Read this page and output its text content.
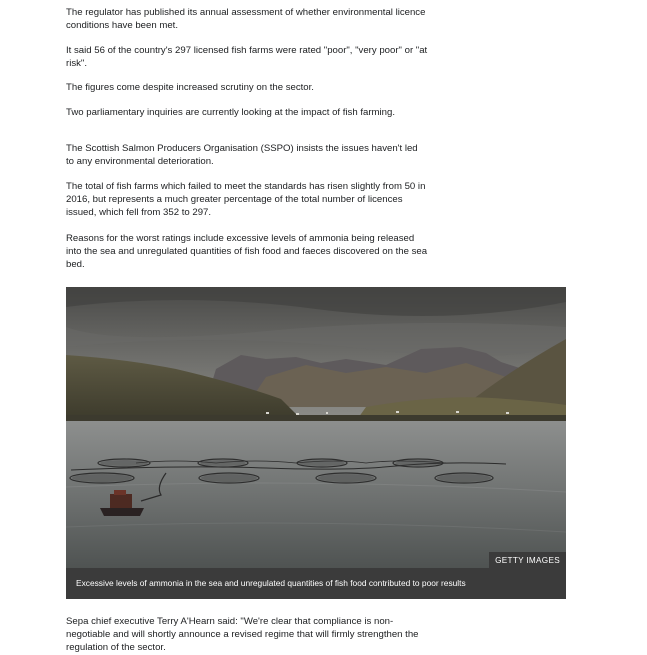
The regulator has published its annual assessment of whether environmental licence conditions have been met.

It said 56 of the country's 297 licensed fish farms were rated "poor", "very poor" or "at risk".

The figures come despite increased scrutiny on the sector.

Two parliamentary inquiries are currently looking at the impact of fish farming.

The Scottish Salmon Producers Organisation (SSPO) insists the issues haven't led to any environmental deterioration.

The total of fish farms which failed to meet the standards has risen slightly from 50 in 2016, but represents a much greater percentage of the total number of licences issued, which fell from 352 to 297.

Reasons for the worst ratings include excessive levels of ammonia being released into the sea and unregulated quantities of fish food and faeces discovered on the sea bed.

GETTY IMAGES
Excessive levels of ammonia in the sea and unregulated quantities of fish food contributed to poor results

Sepa chief executive Terry A'Hearn said: "We're clear that compliance is non-negotiable and will shortly announce a revised regime that will firmly strengthen the regulation of the sector.
